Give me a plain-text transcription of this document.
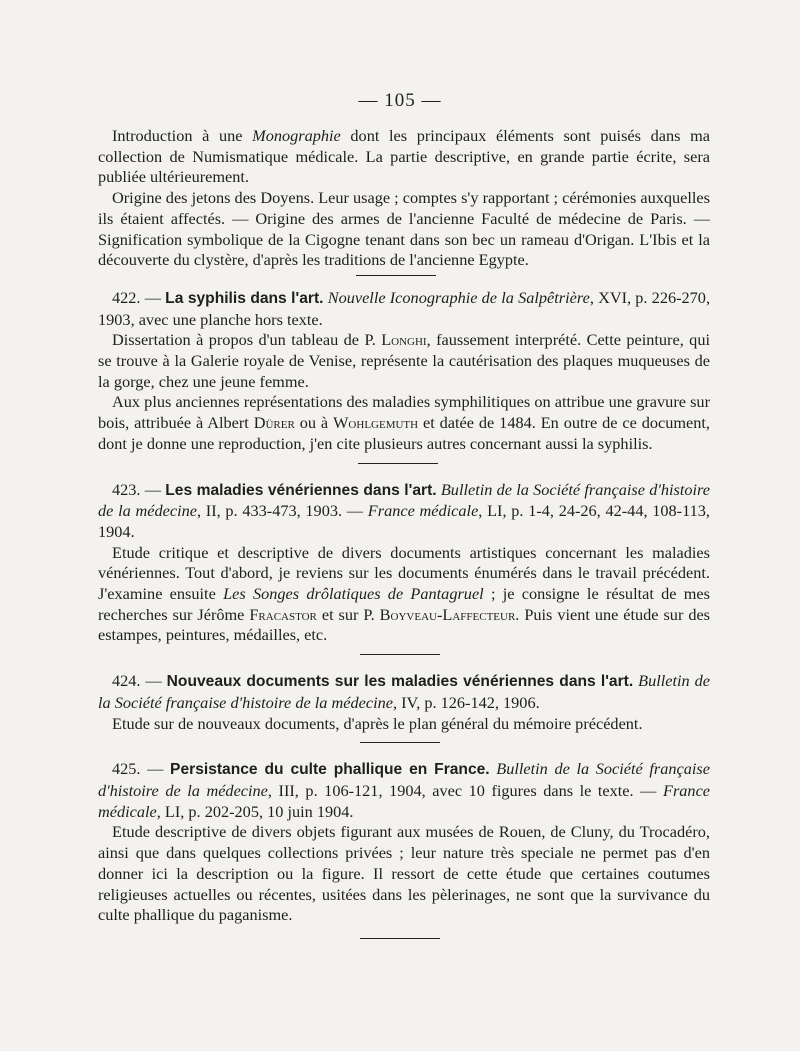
— 105 —

Introduction à une Monographie dont les principaux éléments sont puisés dans ma collection de Numismatique médicale. La partie descriptive, en grande partie écrite, sera publiée ultérieurement.

Origine des jetons des Doyens. Leur usage ; comptes s'y rapportant ; cérémonies auxquelles ils étaient affectés. — Origine des armes de l'ancienne Faculté de médecine de Paris. — Signification symbolique de la Cigogne tenant dans son bec un rameau d'Origan. L'Ibis et la découverte du clystère, d'après les traditions de l'ancienne Egypte.

422. — La syphilis dans l'art. Nouvelle Iconographie de la Salpêtrière, XVI, p. 226-270, 1903, avec une planche hors texte.

Dissertation à propos d'un tableau de P. Longhi, faussement interprété. Cette peinture, qui se trouve à la Galerie royale de Venise, représente la cautérisation des plaques muqueuses de la gorge, chez une jeune femme.

Aux plus anciennes représentations des maladies symphilitiques on attribue une gravure sur bois, attribuée à Albert Dürer ou à Wohlgemuth et datée de 1484. En outre de ce document, dont je donne une reproduction, j'en cite plusieurs autres concernant aussi la syphilis.

423. — Les maladies vénériennes dans l'art. Bulletin de la Société française d'histoire de la médecine, II, p. 433-473, 1903. — France médicale, LI, p. 1-4, 24-26, 42-44, 108-113, 1904.

Etude critique et descriptive de divers documents artistiques concernant les maladies vénériennes. Tout d'abord, je reviens sur les documents énumérés dans le travail précédent. J'examine ensuite Les Songes drôlatiques de Pantagruel ; je consigne le résultat de mes recherches sur Jérôme Fracastor et sur P. Boyveau-Laffecteur. Puis vient une étude sur des estampes, peintures, médailles, etc.

424. — Nouveaux documents sur les maladies vénériennes dans l'art. Bulletin de la Société française d'histoire de la médecine, IV, p. 126-142, 1906.

Etude sur de nouveaux documents, d'après le plan général du mémoire précédent.

425. — Persistance du culte phallique en France. Bulletin de la Société française d'histoire de la médecine, III, p. 106-121, 1904, avec 10 figures dans le texte. — France médicale, LI, p. 202-205, 10 juin 1904.

Etude descriptive de divers objets figurant aux musées de Rouen, de Cluny, du Trocadéro, ainsi que dans quelques collections privées ; leur nature très speciale ne permet pas d'en donner ici la description ou la figure. Il ressort de cette étude que certaines coutumes religieuses actuelles ou récentes, usitées dans les pèlerinages, ne sont que la survivance du culte phallique du paganisme.
